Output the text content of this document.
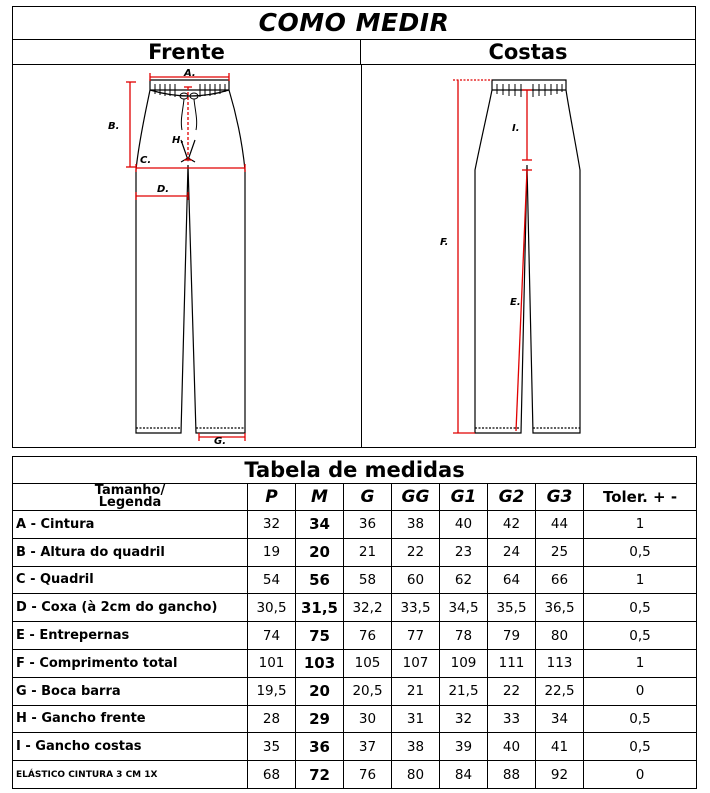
COMO MEDIR
Frente	Costas
A.
B.
C.
D.
H.
G.
I.
F.
E.
Tabela de medidas								
Tamanho/
Legenda	P	M	G	GG	G1	G2	G3	Toler. + -
A - Cintura	32	34	36	38	40	42	44	1
B - Altura do quadril	19	20	21	22	23	24	25	0,5
C - Quadril	54	56	58	60	62	64	66	1
D - Coxa (à 2cm do gancho)	30,5	31,5	32,2	33,5	34,5	35,5	36,5	0,5
E - Entrepernas	74	75	76	77	78	79	80	0,5
F - Comprimento total	101	103	105	107	109	111	113	1
G - Boca barra	19,5	20	20,5	21	21,5	22	22,5	0
H - Gancho frente	28	29	30	31	32	33	34	0,5
I - Gancho costas	35	36	37	38	39	40	41	0,5
ELÁSTICO CINTURA 3 CM 1X	68	72	76	80	84	88	92	0
